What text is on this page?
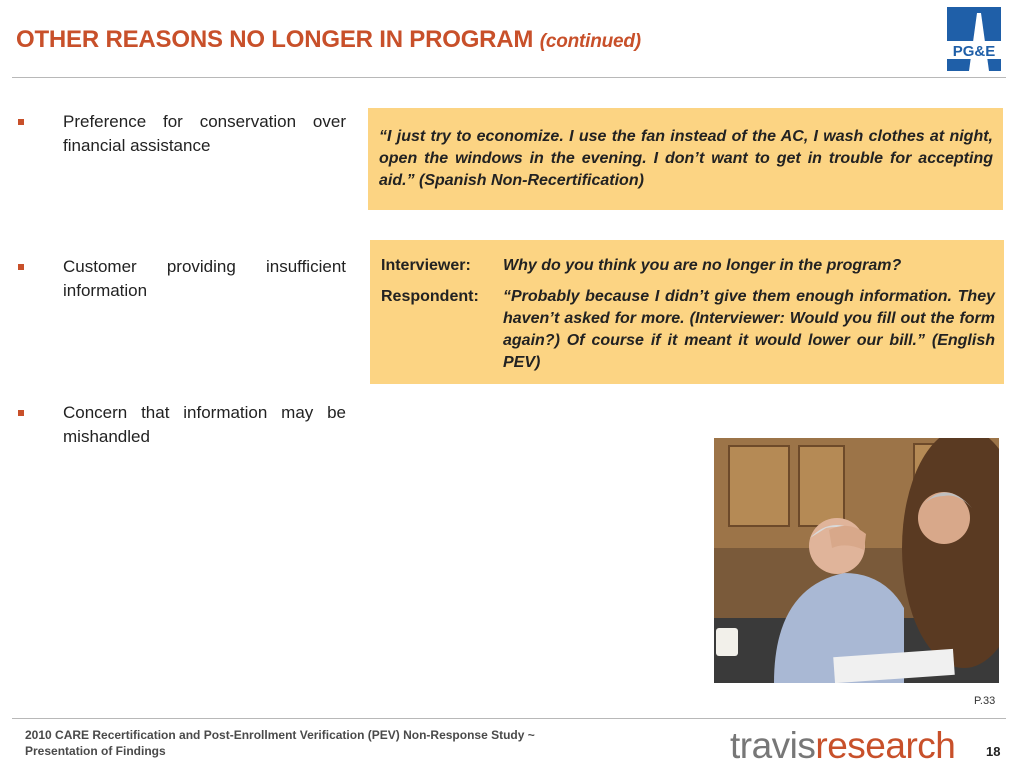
OTHER REASONS NO LONGER IN PROGRAM (continued)	PG&E
Preference for conservation over financial assistance
Customer providing insufficient information
Concern that information may be mishandled
“I just try to economize. I use the fan instead of the AC, I wash clothes at night, open the windows in the evening. I don’t want to get in trouble for accepting aid.” (Spanish Non-Recertification)
Interviewer:	Why do you think you are no longer in the program?
Respondent:	“Probably because I didn’t give them enough information. They haven’t asked for more. (Interviewer: Would you fill out the form again?) Of course if it meant it would lower our bill.” (English PEV)
P.33
2010 CARE Recertification and Post-Enrollment Verification (PEV) Non-Response Study ~
Presentation of Findings	travisresearch 18
